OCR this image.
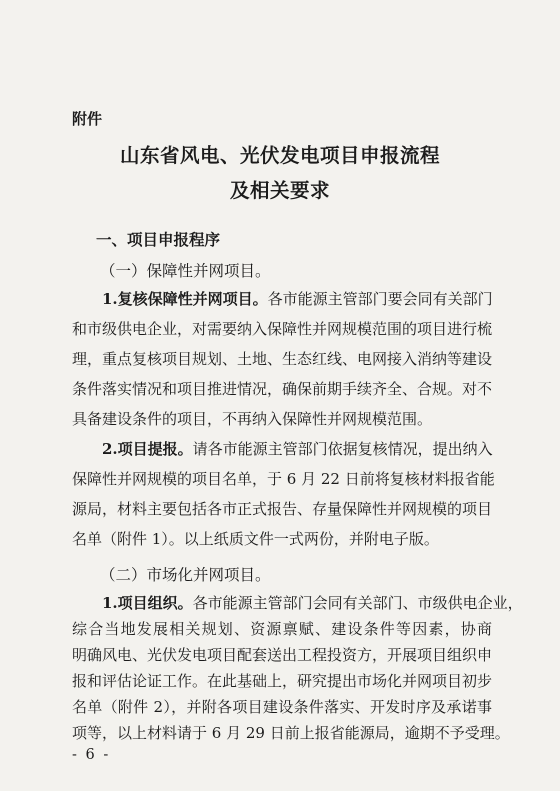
附件
山东省风电、光伏发电项目申报流程
及相关要求
一、项目申报程序
（一）保障性并网项目。
1.复核保障性并网项目。各市能源主管部门要会同有关部门
和市级供电企业，对需要纳入保障性并网规模范围的项目进行梳
理，重点复核项目规划、土地、生态红线、电网接入消纳等建设
条件落实情况和项目推进情况，确保前期手续齐全、合规。对不
具备建设条件的项目，不再纳入保障性并网规模范围。
2.项目提报。请各市能源主管部门依据复核情况，提出纳入
保障性并网规模的项目名单，于 6 月 22 日前将复核材料报省能
源局，材料主要包括各市正式报告、存量保障性并网规模的项目
名单（附件 1）。以上纸质文件一式两份，并附电子版。
（二）市场化并网项目。
1.项目组织。各市能源主管部门会同有关部门、市级供电企业，
综合当地发展相关规划、资源禀赋、建设条件等因素，协商
明确风电、光伏发电项目配套送出工程投资方，开展项目组织申
报和评估论证工作。在此基础上，研究提出市场化并网项目初步
名单（附件 2），并附各项目建设条件落实、开发时序及承诺事
- 6 -
项等，以上材料请于 6 月 29 日前上报省能源局，逾期不予受理。
